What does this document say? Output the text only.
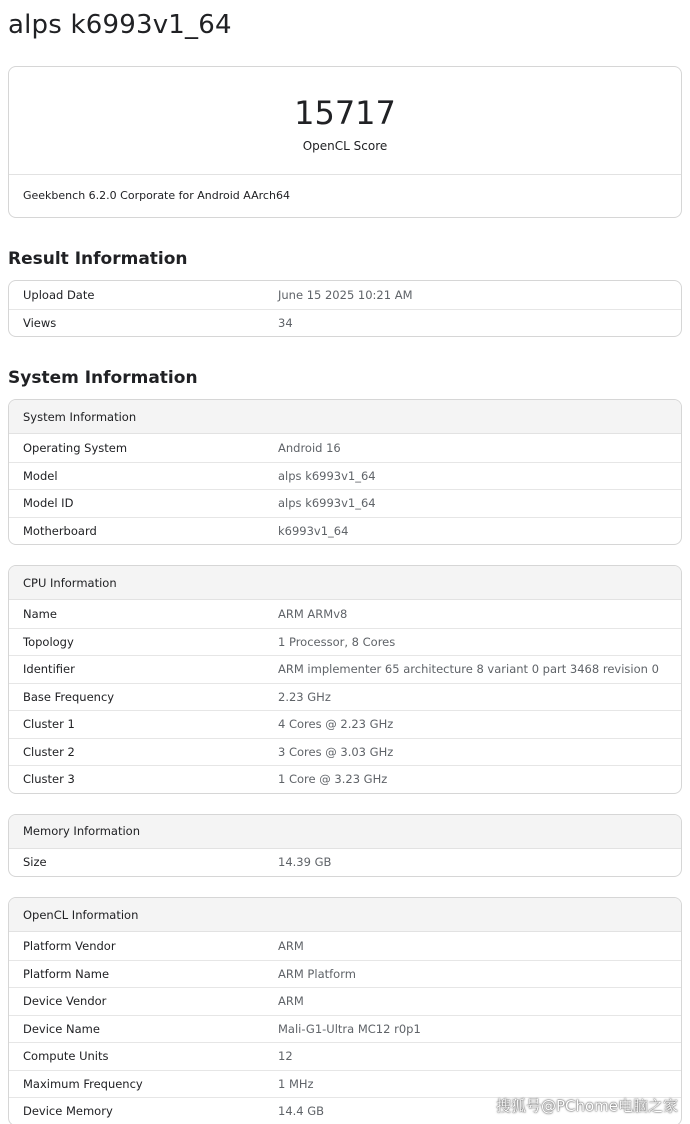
alps k6993v1_64
15717
OpenCL Score
Geekbench 6.2.0 Corporate for Android AArch64
Result Information
Upload Date	June 15 2025 10:21 AM
Views	34
System Information
System Information
Operating System	Android 16
Model	alps k6993v1_64
Model ID	alps k6993v1_64
Motherboard	k6993v1_64
CPU Information
Name	ARM ARMv8
Topology	1 Processor, 8 Cores
Identifier	ARM implementer 65 architecture 8 variant 0 part 3468 revision 0
Base Frequency	2.23 GHz
Cluster 1	4 Cores @ 2.23 GHz
Cluster 2	3 Cores @ 3.03 GHz
Cluster 3	1 Core @ 3.23 GHz
Memory Information
Size	14.39 GB
OpenCL Information
Platform Vendor	ARM
Platform Name	ARM Platform
Device Vendor	ARM
Device Name	Mali-G1-Ultra MC12 r0p1
Compute Units	12
Maximum Frequency	1 MHz
Device Memory	14.4 GB	搜狐号@PChome电脑之家
